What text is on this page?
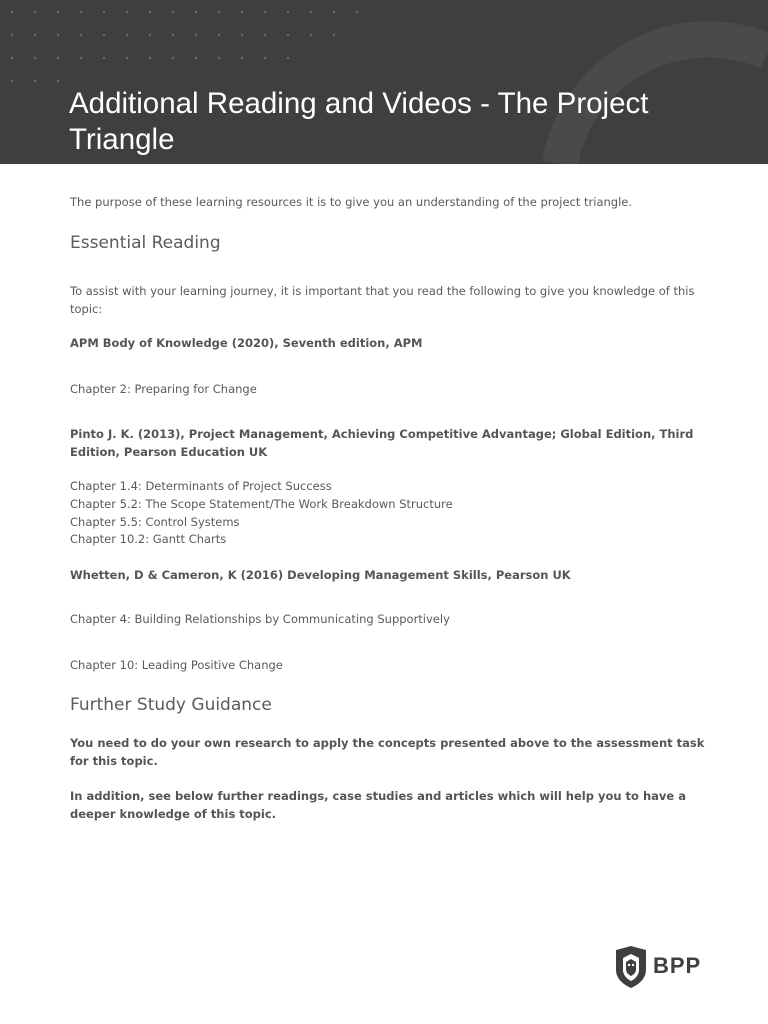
Additional Reading and Videos - The Project Triangle

The purpose of these learning resources it is to give you an understanding of the project triangle.

Essential Reading

To assist with your learning journey, it is important that you read the following to give you knowledge of this topic:

APM Body of Knowledge (2020), Seventh edition, APM

Chapter 2: Preparing for Change

Pinto J. K. (2013), Project Management, Achieving Competitive Advantage; Global Edition, Third Edition, Pearson Education UK

Chapter 1.4: Determinants of Project Success

Chapter 5.2: The Scope Statement/The Work Breakdown Structure

Chapter 5.5: Control Systems

Chapter 10.2: Gantt Charts

Whetten, D & Cameron, K (2016) Developing Management Skills, Pearson UK

Chapter 4: Building Relationships by Communicating Supportively

Chapter 10: Leading Positive Change

Further Study Guidance

You need to do your own research to apply the concepts presented above to the assessment task for this topic.

In addition, see below further readings, case studies and articles which will help you to have a deeper knowledge of this topic.

BPP
